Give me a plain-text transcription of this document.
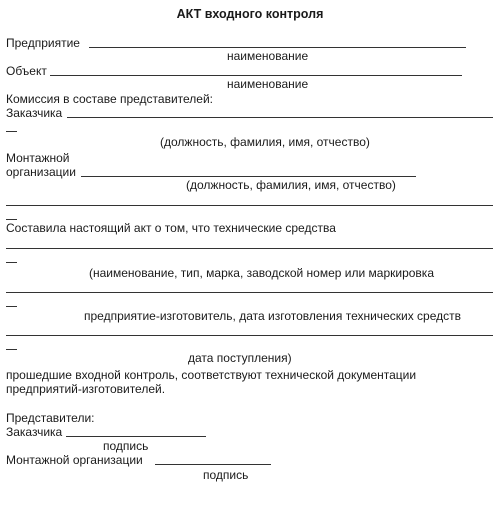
АКТ входного контроля
Предприятие
наименование
Объект
наименование
Комиссия в составе представителей:
Заказчика
(должность, фамилия, имя, отчество)
Монтажной
организации
(должность, фамилия, имя, отчество)
Составила настоящий акт о том, что технические средства
(наименование, тип, марка, заводской номер или маркировка
предприятие-изготовитель, дата изготовления технических средств
дата поступления)
прошедшие входной контроль, соответствуют технической документации
предприятий-изготовителей.
Представители:
Заказчика
подпись
Монтажной организации
подпись
